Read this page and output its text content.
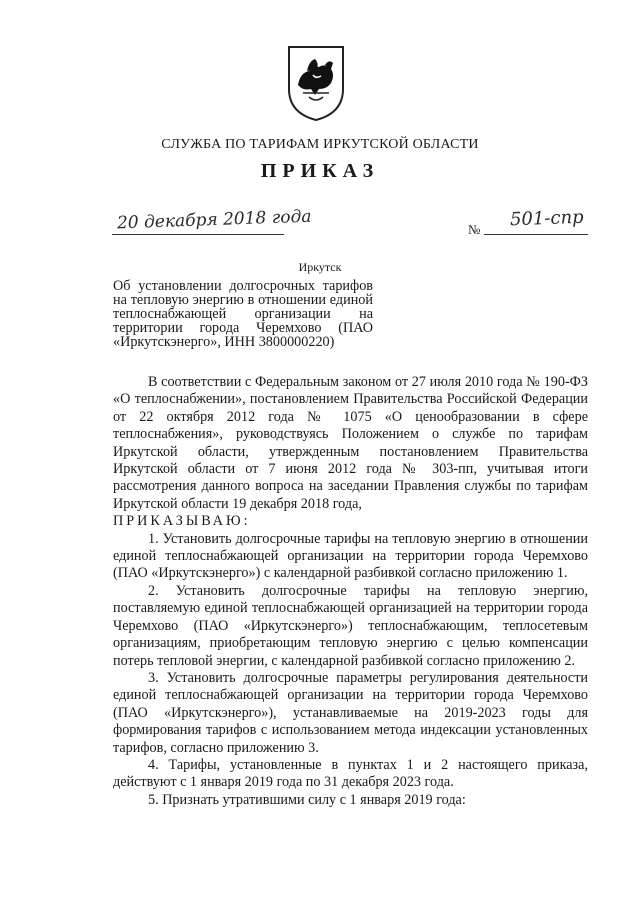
СЛУЖБА ПО ТАРИФАМ ИРКУТСКОЙ ОБЛАСТИ
ПРИКАЗ
20 декабря 2018 года	№ 501-спр
Иркутск
Об установлении долгосрочных тарифов на тепловую энергию в отношении единой теплоснабжающей организации на территории города Черемхово (ПАО «Иркутскэнерго», ИНН 3800000220)

В соответствии с Федеральным законом от 27 июля 2010 года № 190-ФЗ «О теплоснабжении», постановлением Правительства Российской Федерации от 22 октября 2012 года № 1075 «О ценообразовании в сфере теплоснабжения», руководствуясь Положением о службе по тарифам Иркутской области, утвержденным постановлением Правительства Иркутской области от 7 июня 2012 года № 303-пп, учитывая итоги рассмотрения данного вопроса на заседании Правления службы по тарифам Иркутской области 19 декабря 2018 года,

ПРИКАЗЫВАЮ:

1. Установить долгосрочные тарифы на тепловую энергию в отношении единой теплоснабжающей организации на территории города Черемхово (ПАО «Иркутскэнерго») с календарной разбивкой согласно приложению 1.

2. Установить долгосрочные тарифы на тепловую энергию, поставляемую единой теплоснабжающей организацией на территории города Черемхово (ПАО «Иркутскэнерго») теплоснабжающим, теплосетевым организациям, приобретающим тепловую энергию с целью компенсации потерь тепловой энергии, с календарной разбивкой согласно приложению 2.

3. Установить долгосрочные параметры регулирования деятельности единой теплоснабжающей организации на территории города Черемхово (ПАО «Иркутскэнерго»), устанавливаемые на 2019-2023 годы для формирования тарифов с использованием метода индексации установленных тарифов, согласно приложению 3.

4. Тарифы, установленные в пунктах 1 и 2 настоящего приказа, действуют с 1 января 2019 года по 31 декабря 2023 года.

5. Признать утратившими силу с 1 января 2019 года:
